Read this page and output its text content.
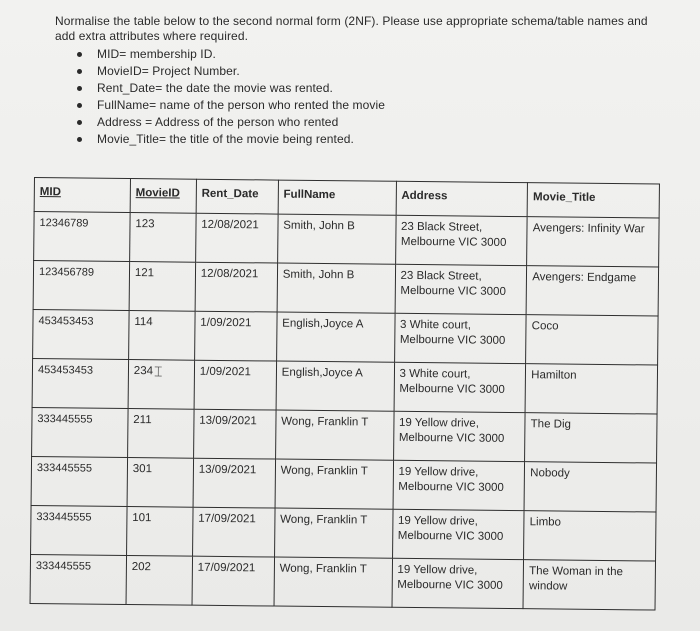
Normalise the table below to the second normal form (2NF). Please use appropriate schema/table names and add extra attributes where required.

MID= membership ID.
MovieID= Project Number.
Rent_Date= the date the movie was rented.
FullName= name of the person who rented the movie
Address = Address of the person who rented
Movie_Title= the title of the movie being rented.
MID	MovieID	Rent_Date	FullName	Address	Movie_Title
12346789	123	12/08/2021	Smith, John B	23 Black Street, Melbourne VIC 3000	Avengers: Infinity War
123456789	121	12/08/2021	Smith, John B	23 Black Street, Melbourne VIC 3000	Avengers: Endgame
453453453	114	1/09/2021	English,Joyce A	3 White court, Melbourne VIC 3000	Coco
453453453	234⌶	1/09/2021	English,Joyce A	3 White court, Melbourne VIC 3000	Hamilton
333445555	211	13/09/2021	Wong, Franklin T	19 Yellow drive, Melbourne VIC 3000	The Dig
333445555	301	13/09/2021	Wong, Franklin T	19 Yellow drive, Melbourne VIC 3000	Nobody
333445555	101	17/09/2021	Wong, Franklin T	19 Yellow drive, Melbourne VIC 3000	Limbo
333445555	202	17/09/2021	Wong, Franklin T	19 Yellow drive, Melbourne VIC 3000	The Woman in the window
